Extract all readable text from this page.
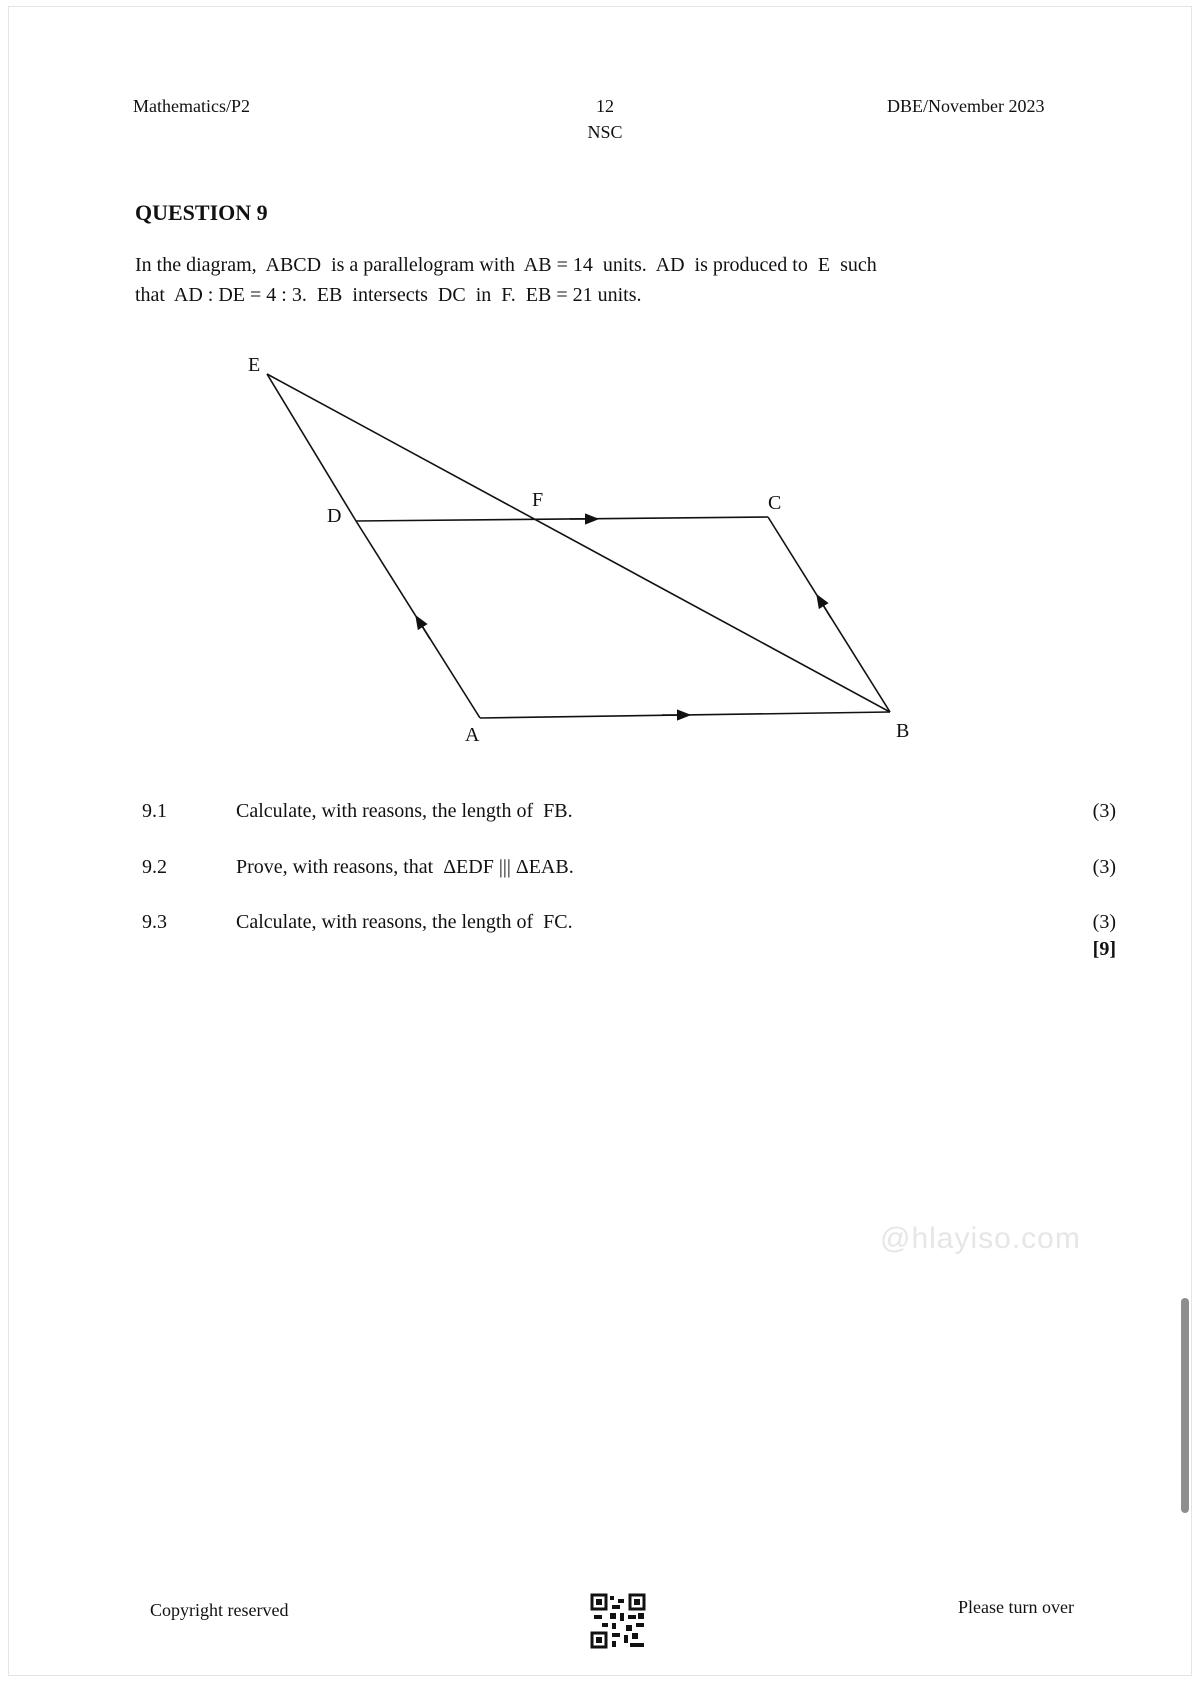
Mathematics/P2	12
NSC
DBE/November 2023
QUESTION 9
In the diagram,  ABCD  is a parallelogram with  AB = 14  units.  AD  is produced to  E  such
that  AD : DE = 4 : 3.  EB  intersects  DC  in  F.  EB = 21 units.
E
D
F	C
A	B
9.1	Calculate, with reasons, the length of  FB.	(3)
9.2	Prove, with reasons, that  ΔEDF ||| ΔEAB.	(3)
9.3	Calculate, with reasons, the length of  FC.	(3)
[9]
@hlayiso.com
Copyright reserved	Please turn over
